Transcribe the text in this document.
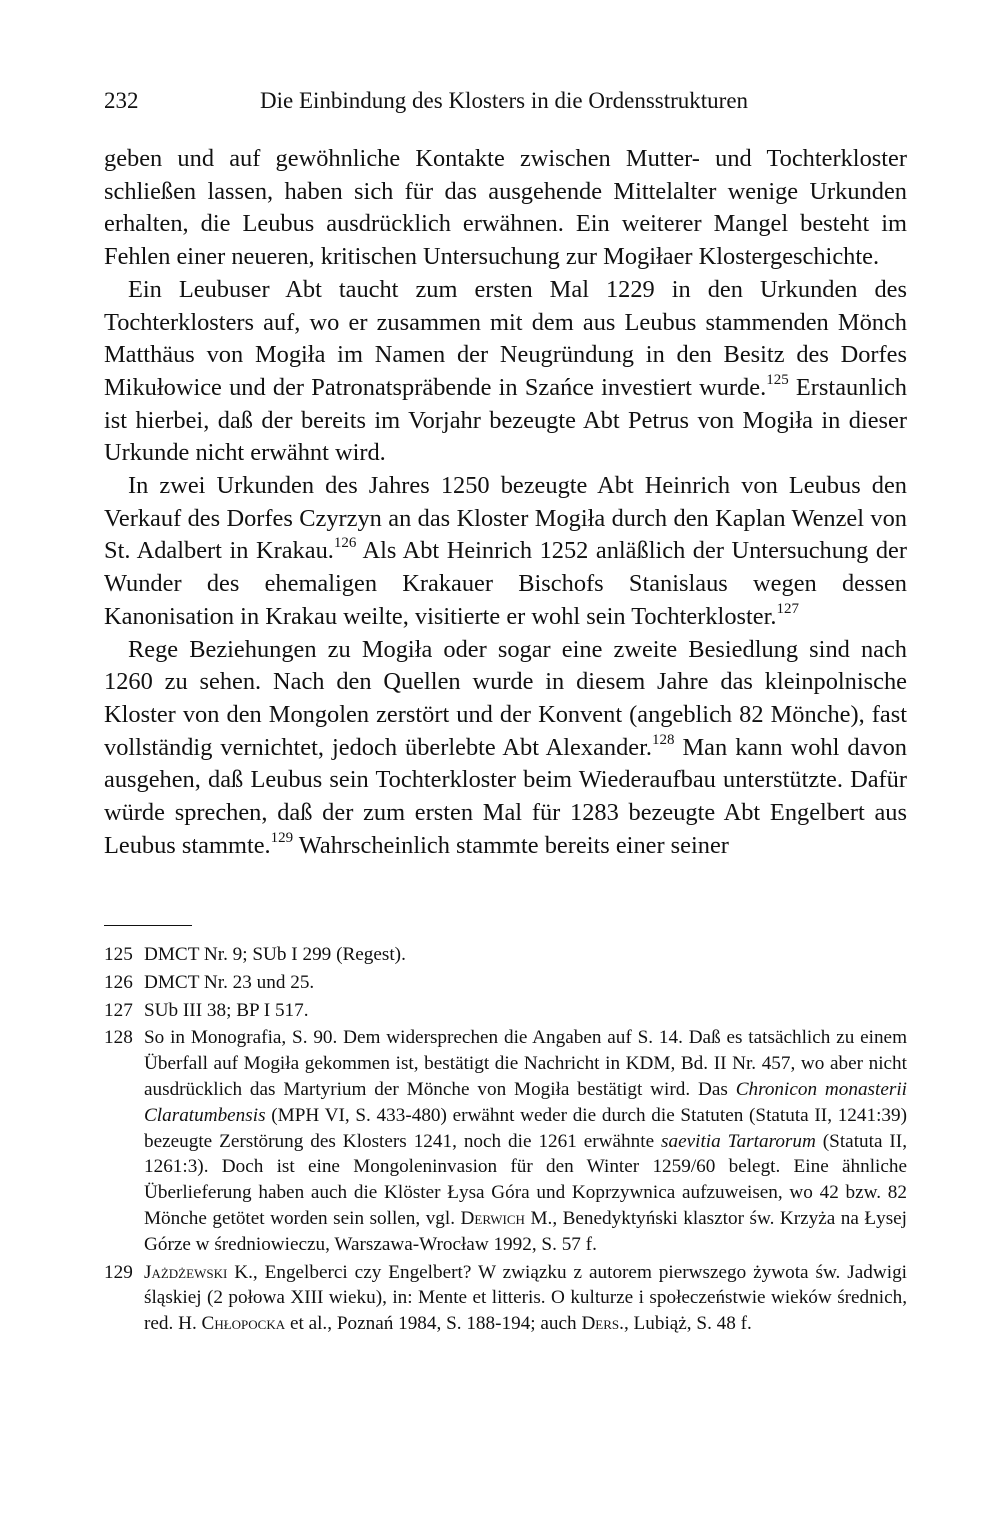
232	Die Einbindung des Klosters in die Ordensstrukturen

geben und auf gewöhnliche Kontakte zwischen Mutter- und Tochterkloster schließen lassen, haben sich für das ausgehende Mittelalter wenige Urkunden erhalten, die Leubus ausdrücklich erwähnen. Ein weiterer Mangel besteht im Fehlen einer neueren, kritischen Untersuchung zur Mogiłaer Klostergeschichte.

Ein Leubuser Abt taucht zum ersten Mal 1229 in den Urkunden des Tochterklosters auf, wo er zusammen mit dem aus Leubus stammenden Mönch Matthäus von Mogiła im Namen der Neugründung in den Besitz des Dorfes Mikułowice und der Patronatspräbende in Szańce investiert wurde.$^{125}$ Erstaunlich ist hierbei, daß der bereits im Vorjahr bezeugte Abt Petrus von Mogiła in dieser Urkunde nicht erwähnt wird.

In zwei Urkunden des Jahres 1250 bezeugte Abt Heinrich von Leubus den Verkauf des Dorfes Czyrzyn an das Kloster Mogiła durch den Kaplan Wenzel von St. Adalbert in Krakau.$^{126}$ Als Abt Heinrich 1252 anläßlich der Untersuchung der Wunder des ehemaligen Krakauer Bischofs Stanislaus wegen dessen Kanonisation in Krakau weilte, visitierte er wohl sein Tochterkloster.$^{127}$

Rege Beziehungen zu Mogiła oder sogar eine zweite Besiedlung sind nach 1260 zu sehen. Nach den Quellen wurde in diesem Jahre das kleinpolnische Kloster von den Mongolen zerstört und der Konvent (angeblich 82 Mönche), fast vollständig vernichtet, jedoch überlebte Abt Alexander.$^{128}$ Man kann wohl davon ausgehen, daß Leubus sein Tochterkloster beim Wiederaufbau unterstützte. Dafür würde sprechen, daß der zum ersten Mal für 1283 bezeugte Abt Engelbert aus Leubus stammte.$^{129}$ Wahrscheinlich stammte bereits einer seiner

125 DMCT Nr. 9; SUb I 299 (Regest).
126 DMCT Nr. 23 und 25.
127 SUb III 38; BP I 517.
128 So in Monografia, S. 90. Dem widersprechen die Angaben auf S. 14. Daß es tatsächlich zu einem Überfall auf Mogiła gekommen ist, bestätigt die Nachricht in KDM, Bd. II Nr. 457, wo aber nicht ausdrücklich das Martyrium der Mönche von Mogiła bestätigt wird. Das Chronicon monasterii Claratumbensis (MPH VI, S. 433-480) erwähnt weder die durch die Statuten (Statuta II, 1241:39) bezeugte Zerstörung des Klosters 1241, noch die 1261 erwähnte saevitia Tartarorum (Statuta II, 1261:3). Doch ist eine Mongoleninvasion für den Winter 1259/60 belegt. Eine ähnliche Überlieferung haben auch die Klöster Łysa Góra und Koprzywnica aufzuweisen, wo 42 bzw. 82 Mönche getötet worden sein sollen, vgl. Derwich M., Benedyktyński klasztor św. Krzyża na Łysej Górze w średniowieczu, Warszawa-Wrocław 1992, S. 57 f.
129 Jażdżewski K., Engelberci czy Engelbert? W związku z autorem pierwszego żywota św. Jadwigi śląskiej (2 połowa XIII wieku), in: Mente et litteris. O kulturze i społeczeństwie wieków średnich, red. H. Chłopocka et al., Poznań 1984, S. 188-194; auch Ders., Lubiąż, S. 48 f.
